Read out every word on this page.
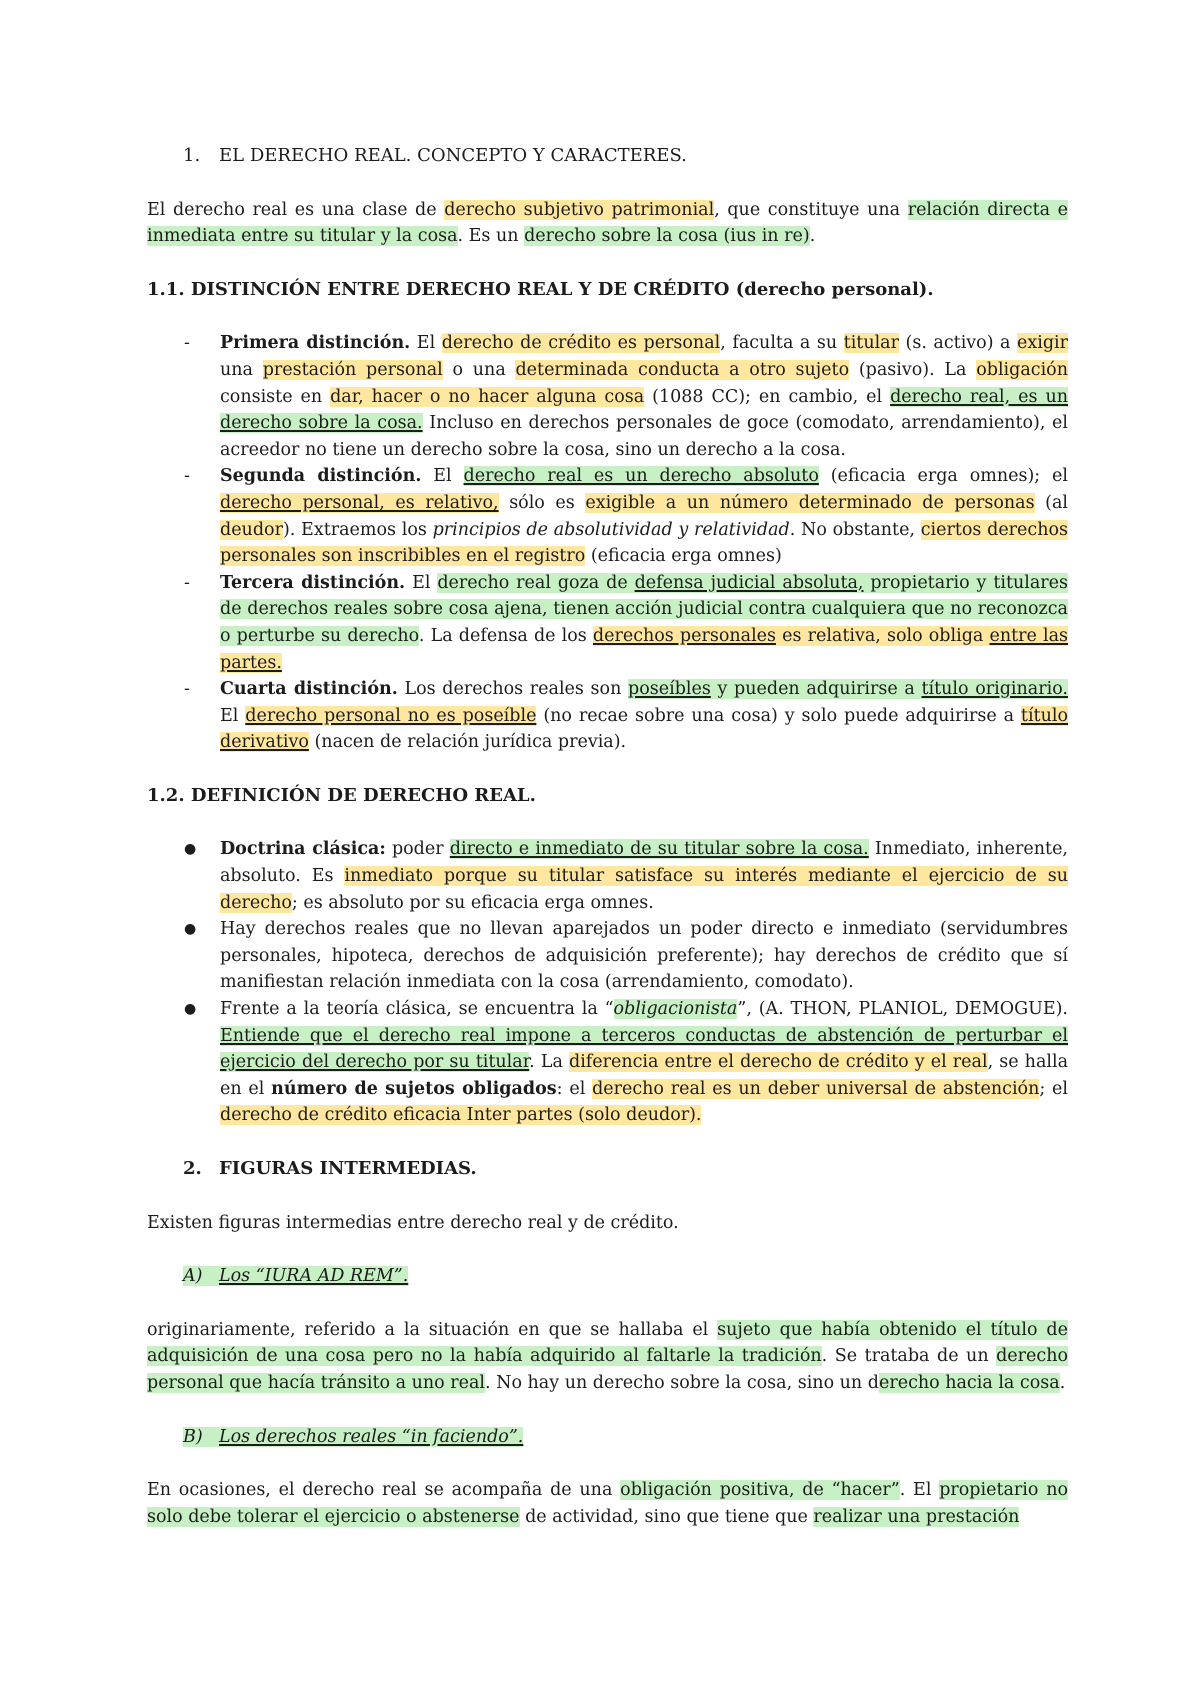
1. EL DERECHO REAL. CONCEPTO Y CARACTERES.

El derecho real es una clase de derecho subjetivo patrimonial, que constituye una relación directa e inmediata entre su titular y la cosa. Es un derecho sobre la cosa (ius in re).

1.1. DISTINCIÓN ENTRE DERECHO REAL Y DE CRÉDITO (derecho personal).
- Primera distinción. El derecho de crédito es personal, faculta a su titular (s. activo) a exigir una prestación personal o una determinada conducta a otro sujeto (pasivo). La obligación consiste en dar, hacer o no hacer alguna cosa (1088 CC); en cambio, el derecho real, es un derecho sobre la cosa. Incluso en derechos personales de goce (comodato, arrendamiento), el acreedor no tiene un derecho sobre la cosa, sino un derecho a la cosa.
- Segunda distinción. El derecho real es un derecho absoluto (eficacia erga omnes); el derecho personal, es relativo, sólo es exigible a un número determinado de personas (al deudor). Extraemos los principios de absolutividad y relatividad. No obstante, ciertos derechos personales son inscribibles en el registro (eficacia erga omnes)
- Tercera distinción. El derecho real goza de defensa judicial absoluta, propietario y titulares de derechos reales sobre cosa ajena, tienen acción judicial contra cualquiera que no reconozca o perturbe su derecho. La defensa de los derechos personales es relativa, solo obliga entre las partes.
- Cuarta distinción. Los derechos reales son poseíbles y pueden adquirirse a título originario. El derecho personal no es poseíble (no recae sobre una cosa) y solo puede adquirirse a título derivativo (nacen de relación jurídica previa).
1.2. DEFINICIÓN DE DERECHO REAL.
● Doctrina clásica: poder directo e inmediato de su titular sobre la cosa. Inmediato, inherente, absoluto. Es inmediato porque su titular satisface su interés mediante el ejercicio de su derecho; es absoluto por su eficacia erga omnes.
● Hay derechos reales que no llevan aparejados un poder directo e inmediato (servidumbres personales, hipoteca, derechos de adquisición preferente); hay derechos de crédito que sí manifiestan relación inmediata con la cosa (arrendamiento, comodato).
● Frente a la teoría clásica, se encuentra la “obligacionista”, (A. THON, PLANIOL, DEMOGUE). Entiende que el derecho real impone a terceros conductas de abstención de perturbar el ejercicio del derecho por su titular. La diferencia entre el derecho de crédito y el real, se halla en el número de sujetos obligados: el derecho real es un deber universal de abstención; el derecho de crédito eficacia Inter partes (solo deudor).
2. FIGURAS INTERMEDIAS.

Existen figuras intermedias entre derecho real y de crédito.

A) Los “IURA AD REM”.

originariamente, referido a la situación en que se hallaba el sujeto que había obtenido el título de adquisición de una cosa pero no la había adquirido al faltarle la tradición. Se trataba de un derecho personal que hacía tránsito a uno real. No hay un derecho sobre la cosa, sino un derecho hacia la cosa.

B) Los derechos reales “in faciendo”.

En ocasiones, el derecho real se acompaña de una obligación positiva, de “hacer”. El propietario no solo debe tolerar el ejercicio o abstenerse de actividad, sino que tiene que realizar una prestación
